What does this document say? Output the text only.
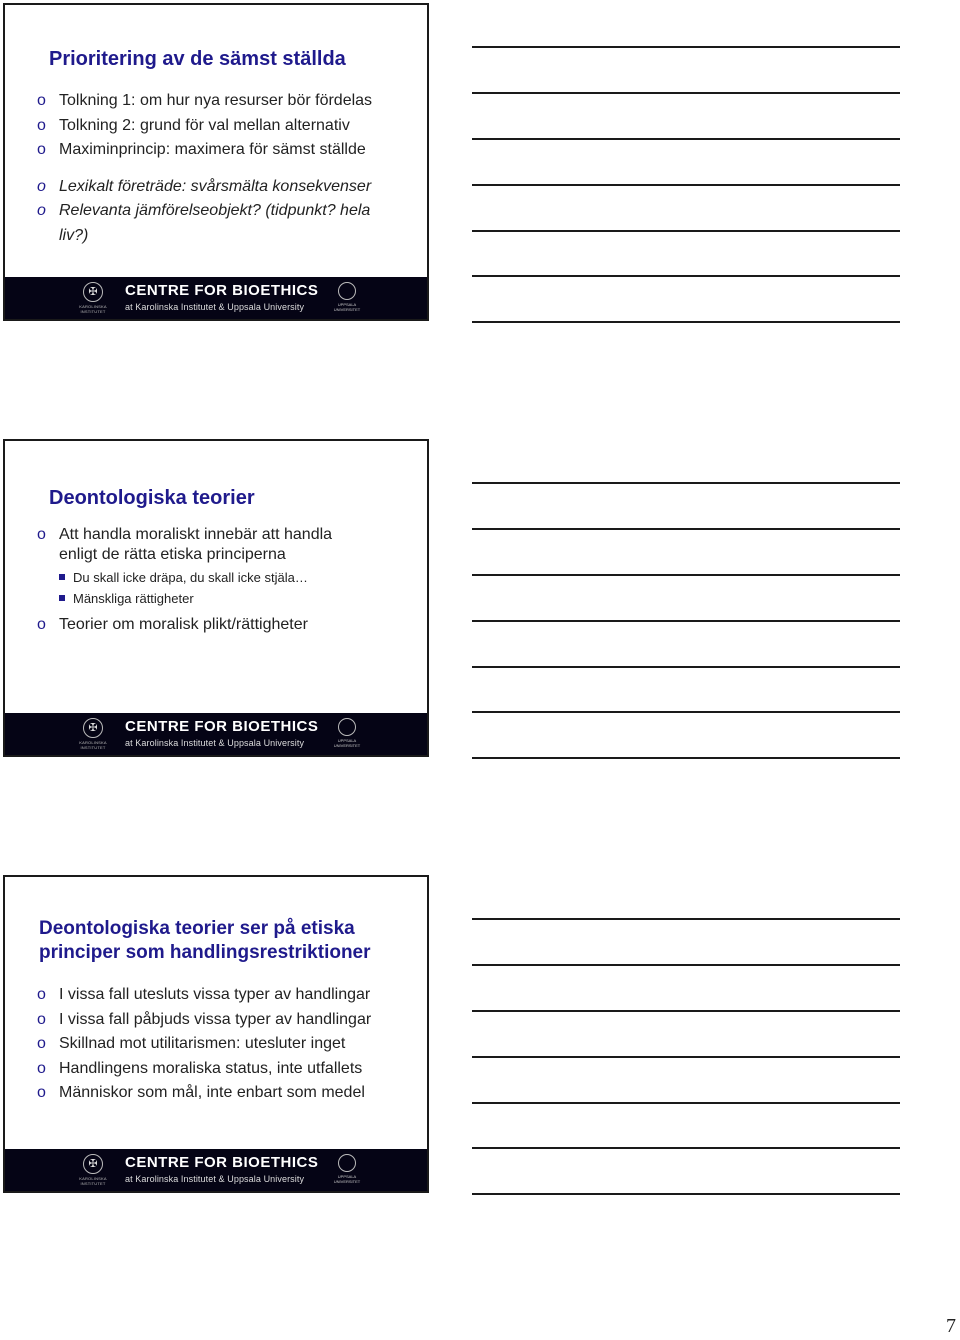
Prioritering av de sämst ställda
o Tolkning 1: om hur nya resurser bör fördelas
o Tolkning 2: grund för val mellan alternativ
o Maximinprincip: maximera för sämst ställde
o Lexikalt företräde: svårsmälta konsekvenser
o Relevanta jämförelseobjekt? (tidpunkt? hela liv?)
✠
KAROLINSKA INSTITUTET
CENTRE FOR BIOETHICS
at Karolinska Institutet & Uppsala University	UPPSALA UNIVERSITET
Deontologiska teorier
o Att handla moraliskt innebär att handla enligt de rätta etiska principerna
Du skall icke dräpa, du skall icke stjäla…
Mänskliga rättigheter
o Teorier om moralisk plikt/rättigheter
✠
KAROLINSKA INSTITUTET
CENTRE FOR BIOETHICS
at Karolinska Institutet & Uppsala University	UPPSALA UNIVERSITET
Deontologiska teorier ser på etiska principer som handlingsrestriktioner
o I vissa fall utesluts vissa typer av handlingar
o I vissa fall påbjuds vissa typer av handlingar
o Skillnad mot utilitarismen: utesluter inget
o Handlingens moraliska status, inte utfallets
o Människor som mål, inte enbart som medel
✠
KAROLINSKA INSTITUTET
CENTRE FOR BIOETHICS
at Karolinska Institutet & Uppsala University	UPPSALA UNIVERSITET
7
